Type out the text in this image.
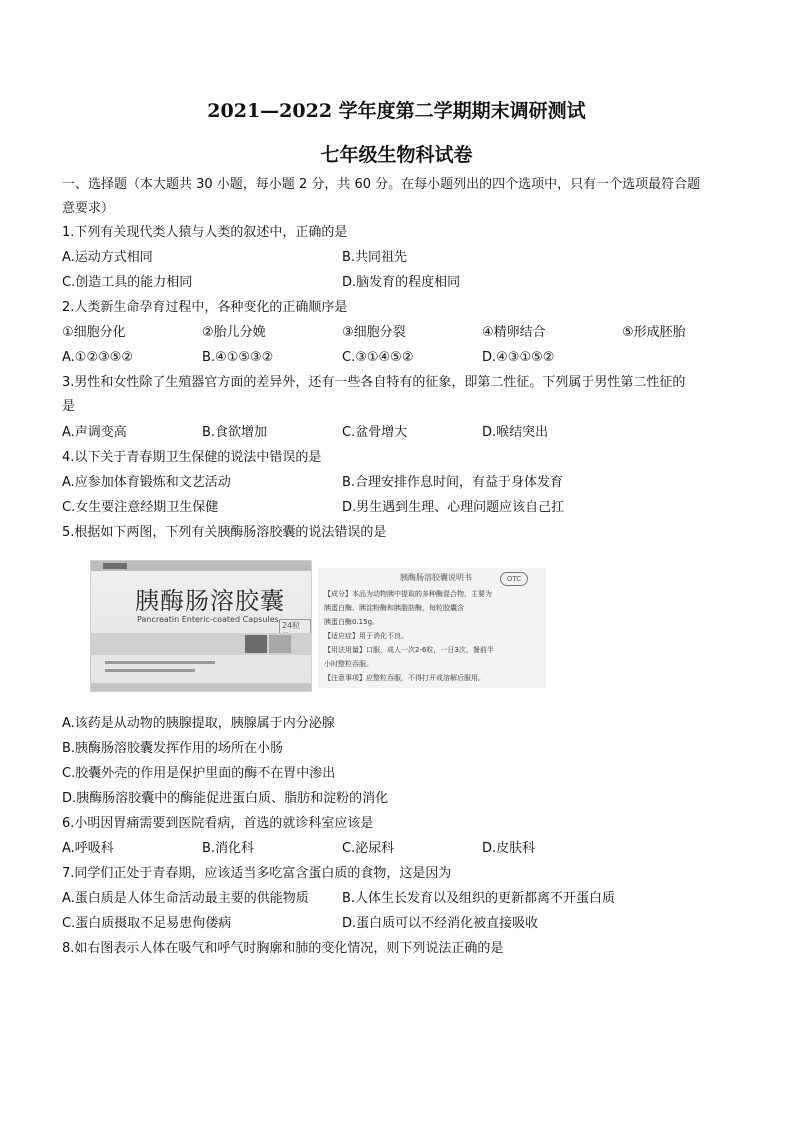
2021—2022 学年度第二学期期末调研测试
七年级生物科试卷
一、选择题（本大题共 30 小题，每小题 2 分，共 60 分。在每小题列出的四个选项中，只有一个选项最符合题
意要求）
1.下列有关现代类人猿与人类的叙述中，正确的是
A.运动方式相同	B.共同祖先
C.创造工具的能力相同	D.脑发育的程度相同
2.人类新生命孕育过程中，各种变化的正确顺序是
①细胞分化	②胎儿分娩	③细胞分裂	④精卵结合	⑤形成胚胎
A.①②③⑤②	B.④①⑤③②	C.③①④⑤②	D.④③①⑤②
3.男性和女性除了生殖器官方面的差异外，还有一些各自特有的征象，即第二性征。下列属于男性第二性征的
是
A.声调变高	B.食欲增加	C.盆骨增大	D.喉结突出
4.以下关于青春期卫生保健的说法中错误的是
A.应参加体育锻炼和文艺活动	B.合理安排作息时间，有益于身体发育
C.女生要注意经期卫生保健	D.男生遇到生理、心理问题应该自己扛
5.根据如下两图，下列有关胰酶肠溶胶囊的说法错误的是
胰酶肠溶胶囊
Pancreatin Enteric-coated Capsules
24粒
胰酶肠溶胶囊说明书	OTC
【成分】本品为动物胰中提取的多种酶混合物，主要为
胰蛋白酶、胰淀粉酶和胰脂肪酶，每粒胶囊含
胰蛋白酶0.15g。
【适应症】用于消化不良。
【用法用量】口服，成人一次2-6粒，一日3次，餐前半
小时整粒吞服。
【注意事项】应整粒吞服，不得打开或溶解后服用。
A.该药是从动物的胰腺提取，胰腺属于内分泌腺
B.胰酶肠溶胶囊发挥作用的场所在小肠
C.胶囊外壳的作用是保护里面的酶不在胃中渗出
D.胰酶肠溶胶囊中的酶能促进蛋白质、脂肪和淀粉的消化
6.小明因胃痛需要到医院看病，首选的就诊科室应该是
A.呼吸科	B.消化科	C.泌尿科	D.皮肤科
7.同学们正处于青春期，应该适当多吃富含蛋白质的食物，这是因为
A.蛋白质是人体生命活动最主要的供能物质	B.人体生长发育以及组织的更新都离不开蛋白质
C.蛋白质摄取不足易患佝偻病	D.蛋白质可以不经消化被直接吸收
8.如右图表示人体在吸气和呼气时胸廓和肺的变化情况，则下列说法正确的是
